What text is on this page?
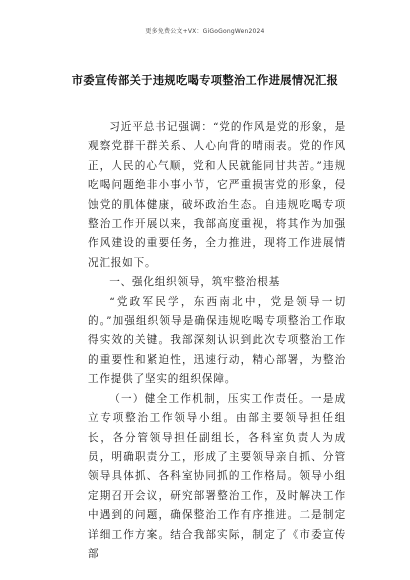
更多免费公文+VX：GiGoGongWen2024
市委宣传部关于违规吃喝专项整治工作进展情况汇报

习近平总书记强调：“党的作风是党的形象，是观察党群干群关系、人心向背的晴雨表。党的作风正，人民的心气顺，党和人民就能同甘共苦。”违规吃喝问题绝非小事小节，它严重损害党的形象，侵蚀党的肌体健康，破坏政治生态。自违规吃喝专项整治工作开展以来，我部高度重视，将其作为加强作风建设的重要任务，全力推进，现将工作进展情况汇报如下。

一、强化组织领导，筑牢整治根基

“党政军民学，东西南北中，党是领导一切的。”加强组织领导是确保违规吃喝专项整治工作取得实效的关键。我部深刻认识到此次专项整治工作的重要性和紧迫性，迅速行动，精心部署，为整治工作提供了坚实的组织保障。

（一）健全工作机制，压实工作责任。一是成立专项整治工作领导小组。由部主要领导担任组长，各分管领导担任副组长，各科室负责人为成员，明确职责分工，形成了主要领导亲自抓、分管领导具体抓、各科室协同抓的工作格局。领导小组定期召开会议，研究部署整治工作，及时解决工作中遇到的问题，确保整治工作有序推进。二是制定详细工作方案。结合我部实际，制定了《市委宣传部
